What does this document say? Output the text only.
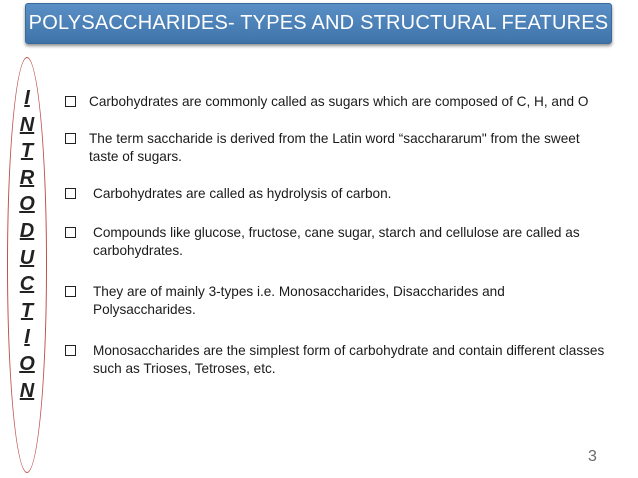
POLYSACCHARIDES- TYPES AND STRUCTURAL FEATURES
I
N
T
R
O
D
U
C
T
I
O
N
Carbohydrates are commonly called as sugars which are composed of C, H, and O
The term saccharide is derived from the Latin word “sacchararum" from the sweet taste of sugars.
Carbohydrates are called as hydrolysis of carbon.
Compounds like glucose, fructose, cane sugar, starch and cellulose are called as carbohydrates.
They are of mainly 3-types i.e. Monosaccharides, Disaccharides and Polysaccharides.
Monosaccharides are the simplest form of carbohydrate and contain different classes such as Trioses, Tetroses, etc.
3
